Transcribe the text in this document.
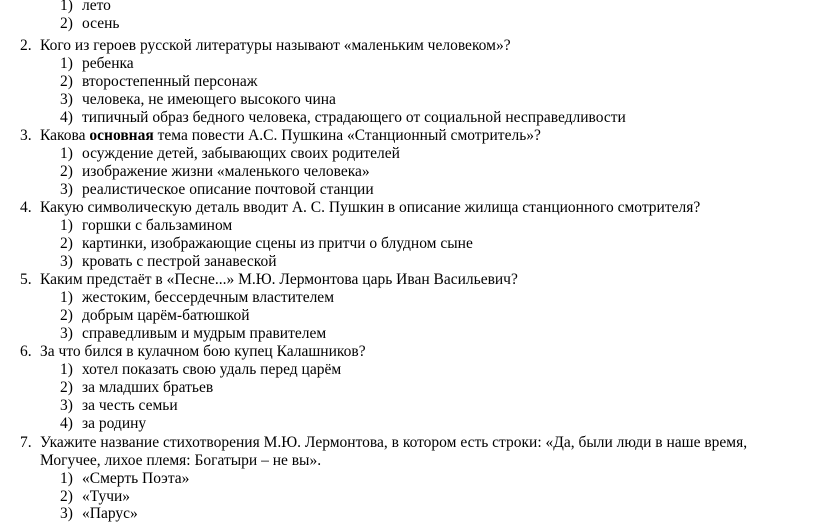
1) лето
2) осень
2. Кого из героев русской литературы называют «маленьким человеком»?
1) ребенка
2) второстепенный персонаж
3) человека, не имеющего высокого чина
4) типичный образ бедного человека, страдающего от социальной несправедливости
3. Какова основная тема повести А.С. Пушкина «Станционный смотритель»?
1) осуждение детей, забывающих своих родителей
2) изображение жизни «маленького человека»
3) реалистическое описание почтовой станции
4. Какую символическую деталь вводит А. С. Пушкин в описание жилища станционного смотрителя?
1) горшки с бальзамином
2) картинки, изображающие сцены из притчи о блудном сыне
3) кровать с пестрой занавеской
5. Каким предстаёт в «Песне...» М.Ю. Лермонтова царь Иван Васильевич?
1) жестоким, бессердечным властителем
2) добрым царём-батюшкой
3) справедливым и мудрым правителем
6. За что бился в кулачном бою купец Калашников?
1) хотел показать свою удаль перед царём
2) за младших братьев
3) за честь семьи
4) за родину
7. Укажите название стихотворения М.Ю. Лермонтова, в котором есть строки: «Да, были люди в наше время,
Могучее, лихое племя: Богатыри – не вы».
1) «Смерть Поэта»
2) «Тучи»
3) «Парус»
